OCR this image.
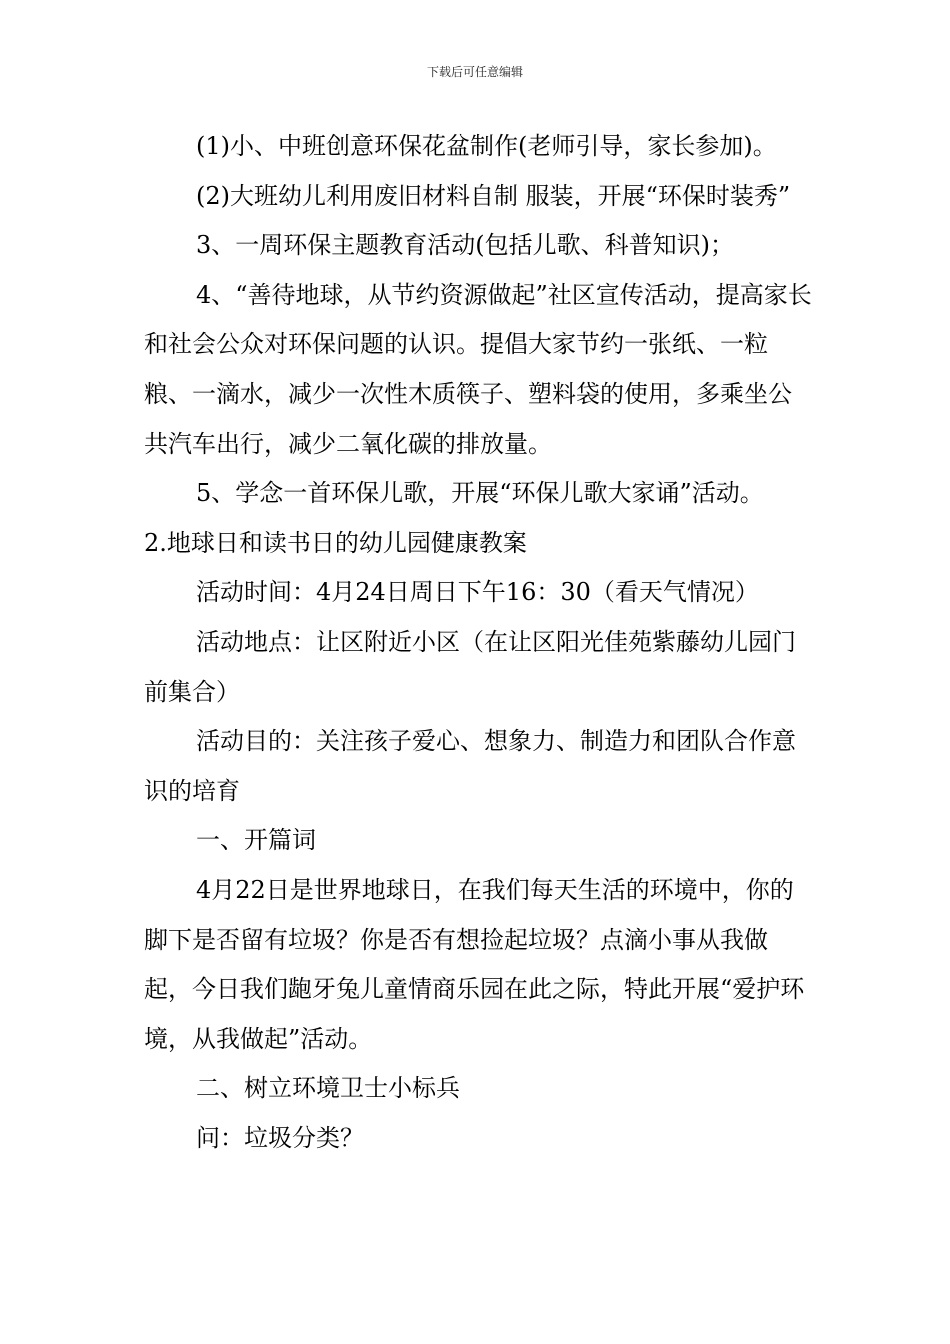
下载后可任意编辑

(1)小、中班创意环保花盆制作(老师引导，家长参加)。

(2)大班幼儿利用废旧材料自制 服装，开展“环保时装秀”

3、一周环保主题教育活动(包括儿歌、科普知识)；

4、“善待地球，从节约资源做起”社区宣传活动，提高家长和社会公众对环保问题的认识。提倡大家节约一张纸、一粒粮、一滴水，减少一次性木质筷子、塑料袋的使用，多乘坐公共汽车出行，减少二氧化碳的排放量。

5、学念一首环保儿歌，开展“环保儿歌大家诵”活动。

2.地球日和读书日的幼儿园健康教案

活动时间：4月24日周日下午16：30（看天气情况）

活动地点：让区附近小区（在让区阳光佳苑紫藤幼儿园门前集合）

活动目的：关注孩子爱心、想象力、制造力和团队合作意识的培育

一、开篇词

4月22日是世界地球日，在我们每天生活的环境中，你的脚下是否留有垃圾？你是否有想捡起垃圾？点滴小事从我做起，今日我们龅牙兔儿童情商乐园在此之际，特此开展“爱护环境，从我做起”活动。

二、树立环境卫士小标兵

问：垃圾分类？
